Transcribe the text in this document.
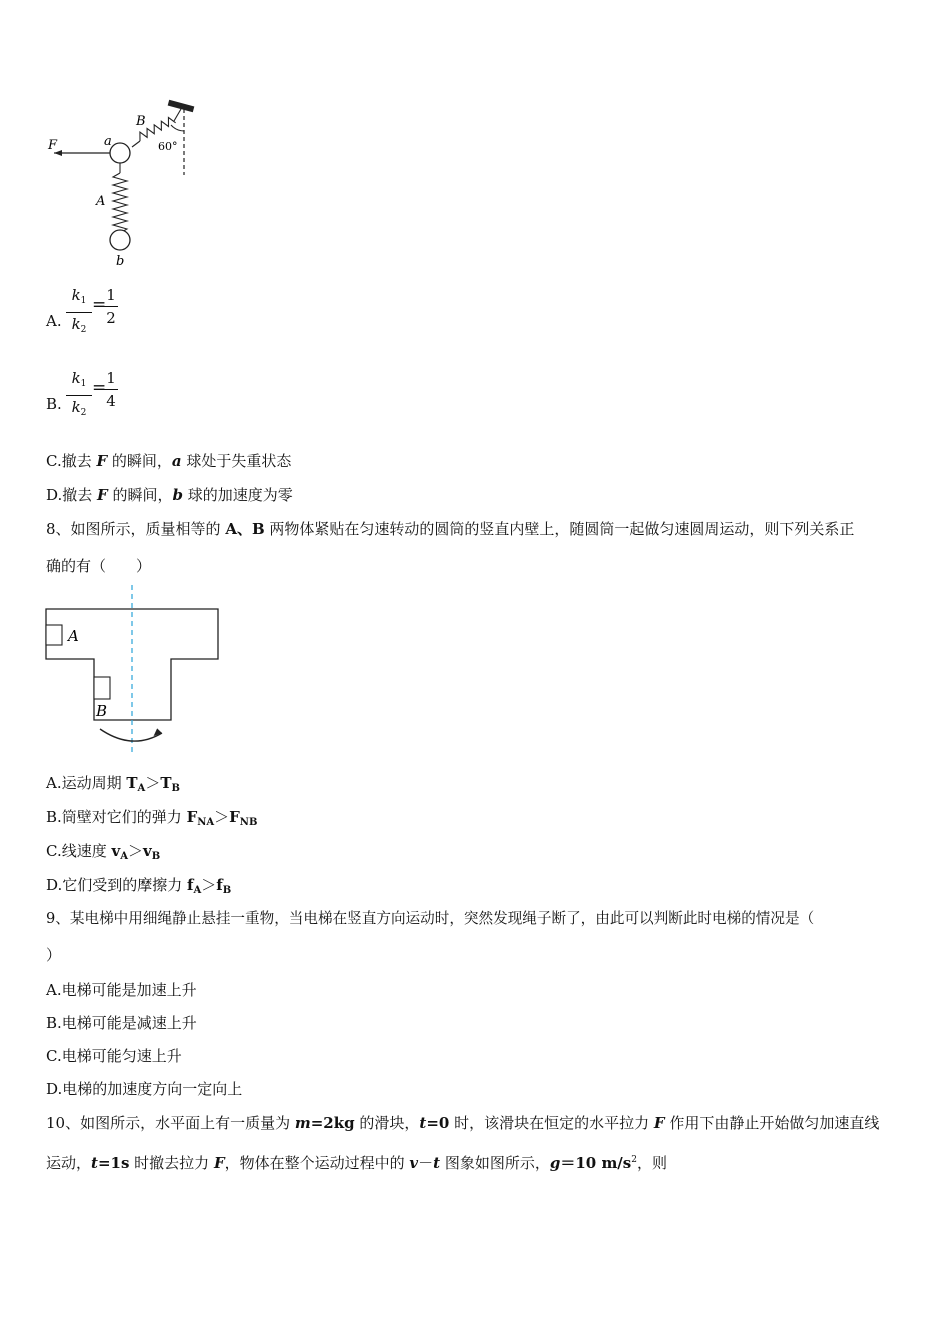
60°
B
a
F
A
b
A.
$k_1$
$k_2$
=
$\frac{1}{2}$
B.
$k_1$
$k_2$
=
$\frac{1}{4}$
C.撤去 F 的瞬间，a 球处于失重状态
D.撤去 F 的瞬间，b 球的加速度为零
8、如图所示，质量相等的 A、B 两物体紧贴在匀速转动的圆筒的竖直内壁上，随圆筒一起做匀速圆周运动，则下列关系正
确的有（　　）
A
B
A.运动周期 $T_A>T_B$
B.筒壁对它们的弹力 $F_{NA}>F_{NB}$
C.线速度 $v_A>v_B$
D.它们受到的摩擦力 $f_A>f_B$
9、某电梯中用细绳静止悬挂一重物，当电梯在竖直方向运动时，突然发现绳子断了，由此可以判断此时电梯的情况是（
）
A.电梯可能是加速上升
B.电梯可能是减速上升
C.电梯可能匀速上升
D.电梯的加速度方向一定向上
10、如图所示，水平面上有一质量为 m=2kg 的滑块，t=0 时，该滑块在恒定的水平拉力 F 作用下由静止开始做匀加速直线
运动，t=1s 时撤去拉力 F，物体在整个运动过程中的 v－t 图象如图所示，g＝10 $m/s^2$，则
